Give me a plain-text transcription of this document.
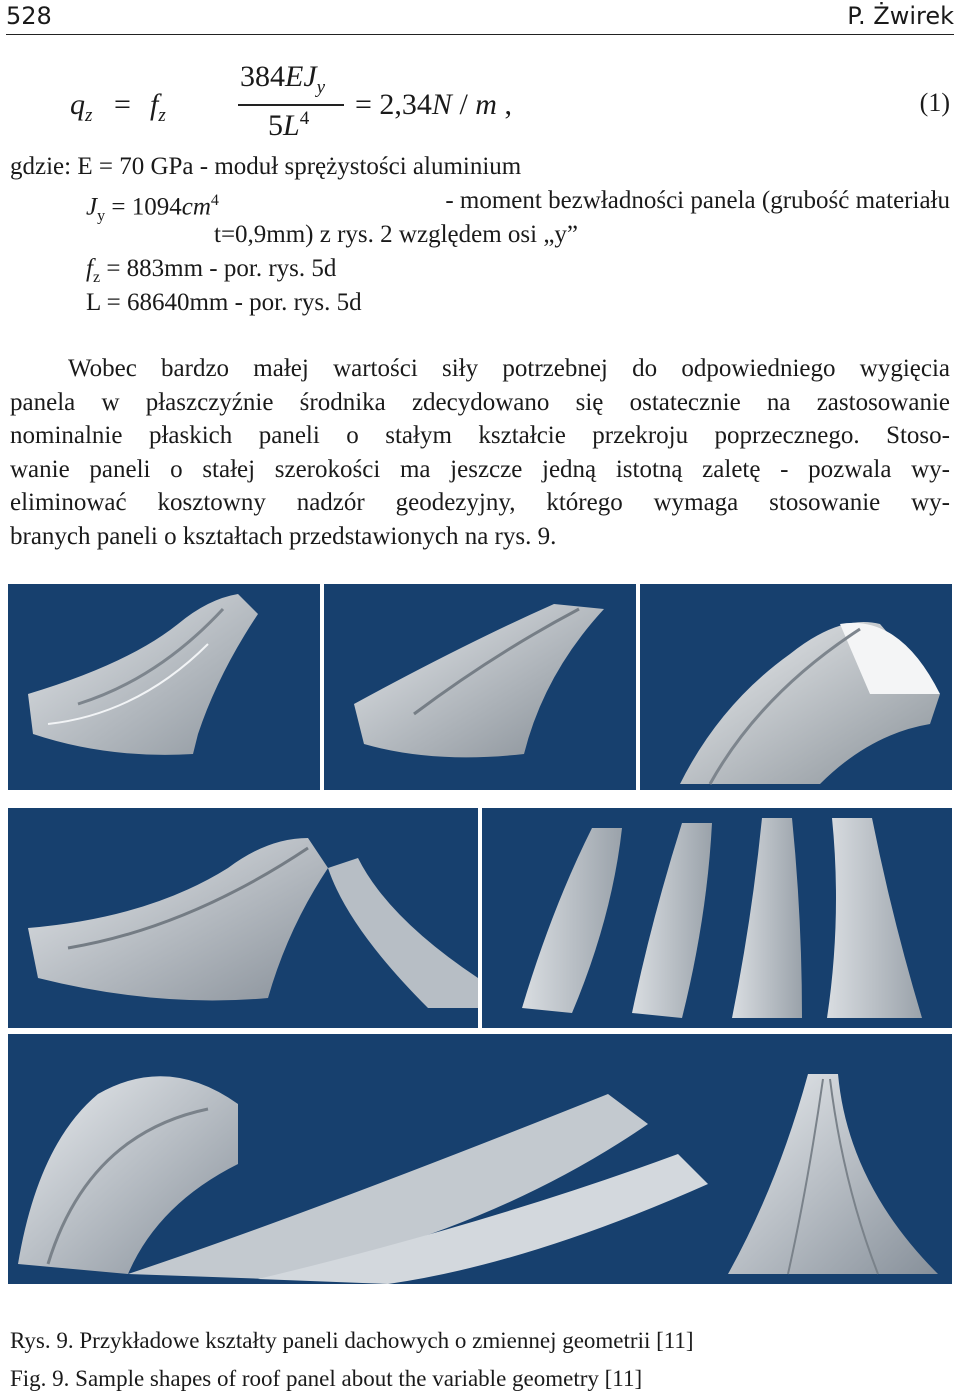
528	P. Żwirek
$q_z = f_z$
$384EJ_y$
$5L^4 = 2,34N / m$ ,	(1)
gdzie: E = 70 GPa - moduł sprężystości aluminium
$J_y = 1094cm^4$	- moment bezwładności panela (grubość materiału
t=0,9mm) z rys. 2 względem osi „y”
$f_z = 883mm$ - por. rys. 5d
L = 68640mm - por. rys. 5d
Wobec bardzo małej wartości siły potrzebnej do odpowiedniego wygięcia
panela w płaszczyźnie środnika zdecydowano się ostatecznie na zastosowanie
nominalnie płaskich paneli o stałym kształcie przekroju poprzecznego. Stoso-
wanie paneli o stałej szerokości ma jeszcze jedną istotną zaletę - pozwala wy-
eliminować kosztowny nadzór geodezyjny, którego wymaga stosowanie wy-
branych paneli o kształtach przedstawionych na rys. 9.
Rys. 9. Przykładowe kształty paneli dachowych o zmiennej geometrii [11]
Fig. 9. Sample shapes of roof panel about the variable geometry [11]
